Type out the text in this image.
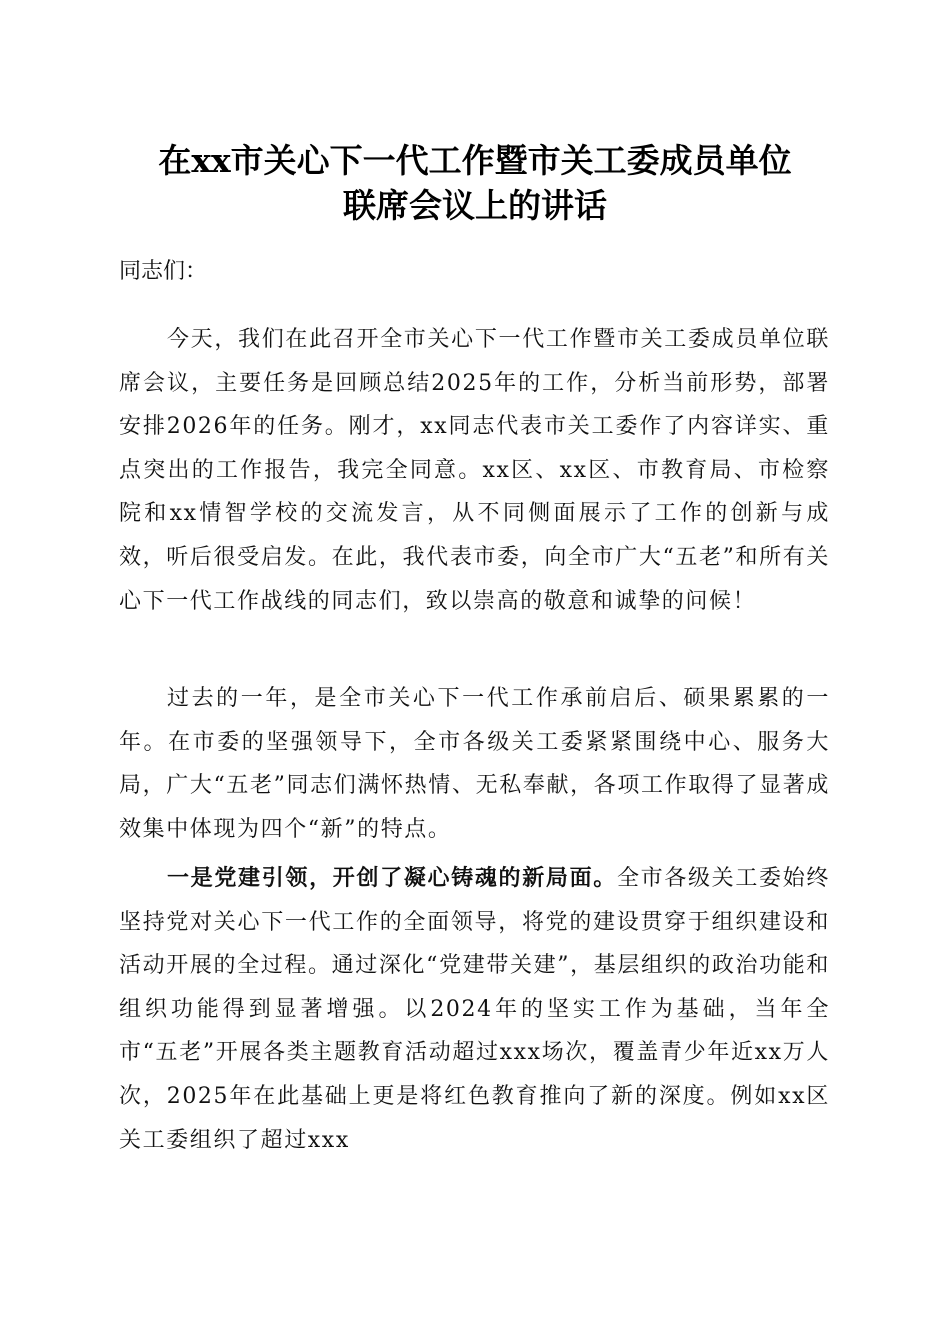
在xx市关心下一代工作暨市关工委成员单位
联席会议上的讲话
同志们：

今天，我们在此召开全市关心下一代工作暨市关工委成员单位联席会议，主要任务是回顾总结2025年的工作，分析当前形势，部署安排2026年的任务。刚才，xx同志代表市关工委作了内容详实、重点突出的工作报告，我完全同意。xx区、xx区、市教育局、市检察院和xx情智学校的交流发言，从不同侧面展示了工作的创新与成效，听后很受启发。在此，我代表市委，向全市广大“五老”和所有关心下一代工作战线的同志们，致以崇高的敬意和诚挚的问候！

过去的一年，是全市关心下一代工作承前启后、硕果累累的一年。在市委的坚强领导下，全市各级关工委紧紧围绕中心、服务大局，广大“五老”同志们满怀热情、无私奉献，各项工作取得了显著成效集中体现为四个“新”的特点。

一是党建引领，开创了凝心铸魂的新局面。全市各级关工委始终坚持党对关心下一代工作的全面领导，将党的建设贯穿于组织建设和活动开展的全过程。通过深化“党建带关建”，基层组织的政治功能和组织功能得到显著增强。以2024年的坚实工作为基础，当年全市“五老”开展各类主题教育活动超过xxx场次，覆盖青少年近xx万人次，2025年在此基础上更是将红色教育推向了新的深度。例如xx区关工委组织了超过xxx
